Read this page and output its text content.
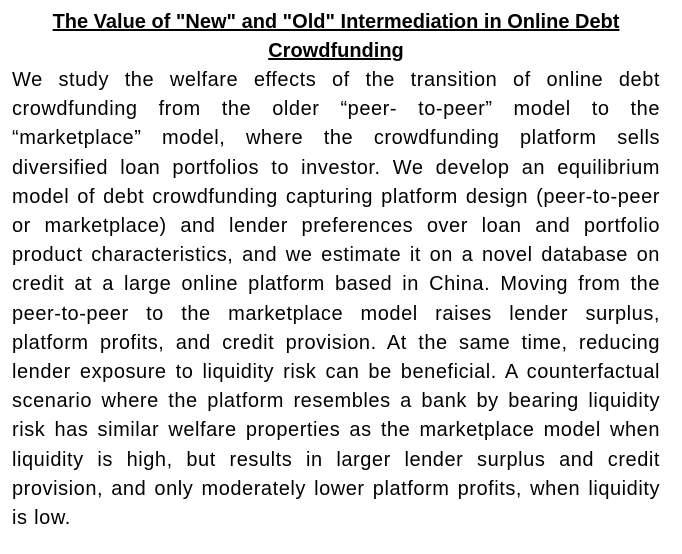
The Value of "New" and "Old" Intermediation in Online Debt Crowdfunding

We study the welfare effects of the transition of online debt crowdfunding from the older “peer- to-peer” model to the “marketplace” model, where the crowdfunding platform sells diversified loan portfolios to investor. We develop an equilibrium model of debt crowdfunding capturing platform design (peer-to-peer or marketplace) and lender preferences over loan and portfolio product characteristics, and we estimate it on a novel database on credit at a large online platform based in China. Moving from the peer-to-peer to the marketplace model raises lender surplus, platform profits, and credit provision. At the same time, reducing lender exposure to liquidity risk can be beneficial. A counterfactual scenario where the platform resembles a bank by bearing liquidity risk has similar welfare properties as the marketplace model when liquidity is high, but results in larger lender surplus and credit provision, and only moderately lower platform profits, when liquidity is low.
